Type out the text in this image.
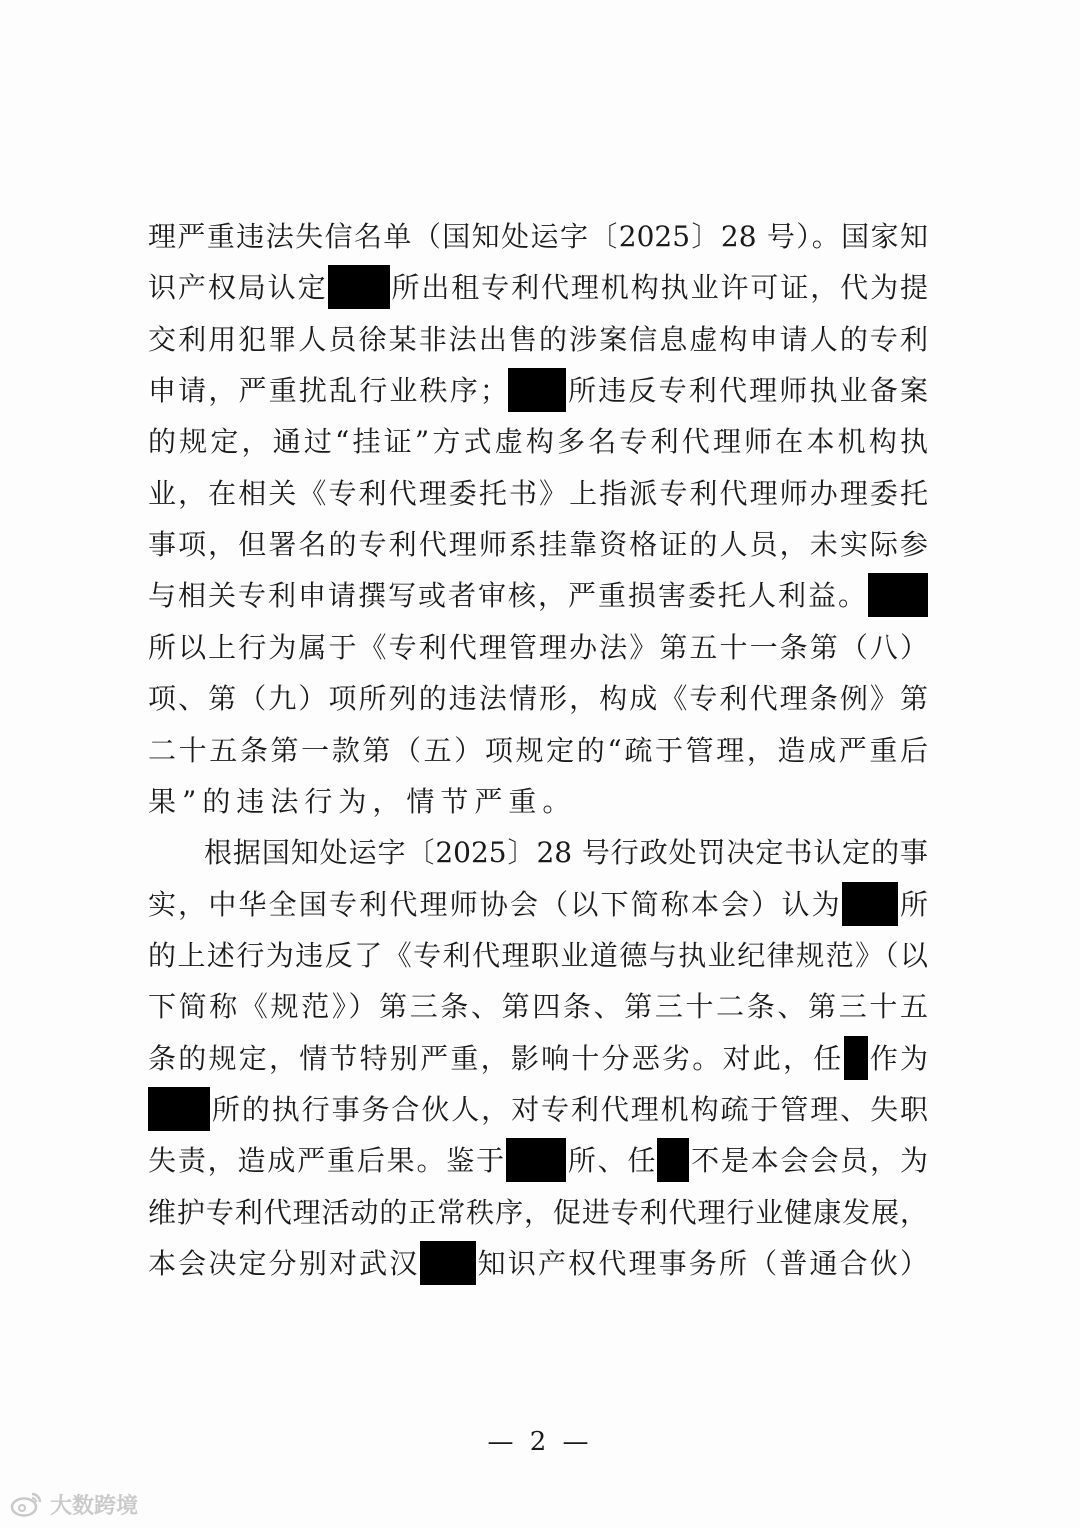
理严重违法失信名单（国知处运字〔2025〕28 号）。国家知
识产权局认定 所出租专利代理机构执业许可证，代为提
交利用犯罪人员徐某非法出售的涉案信息虚构申请人的专利
申请，严重扰乱行业秩序； 所违反专利代理师执业备案
的规定，通过“挂证”方式虚构多名专利代理师在本机构执
业，在相关《专利代理委托书》上指派专利代理师办理委托
事项，但署名的专利代理师系挂靠资格证的人员，未实际参
与相关专利申请撰写或者审核，严重损害委托人利益。
所以上行为属于《专利代理管理办法》第五十一条第（八）
项、第（九）项所列的违法情形，构成《专利代理条例》第
二十五条第一款第（五）项规定的“疏于管理，造成严重后
果”的违法行为，情节严重。
根据国知处运字〔2025〕28 号行政处罚决定书认定的事
实，中华全国专利代理师协会（以下简称本会）认为 所
的上述行为违反了《专利代理职业道德与执业纪律规范》（以
下简称《规范》）第三条、第四条、第三十二条、第三十五
条的规定，情节特别严重，影响十分恶劣。对此，任 作为
所的执行事务合伙人，对专利代理机构疏于管理、失职
失责，造成严重后果。鉴于 所、任 不是本会会员，为
维护专利代理活动的正常秩序，促进专利代理行业健康发展，
本会决定分别对武汉 知识产权代理事务所（普通合伙）
— 2 —
大数跨境
